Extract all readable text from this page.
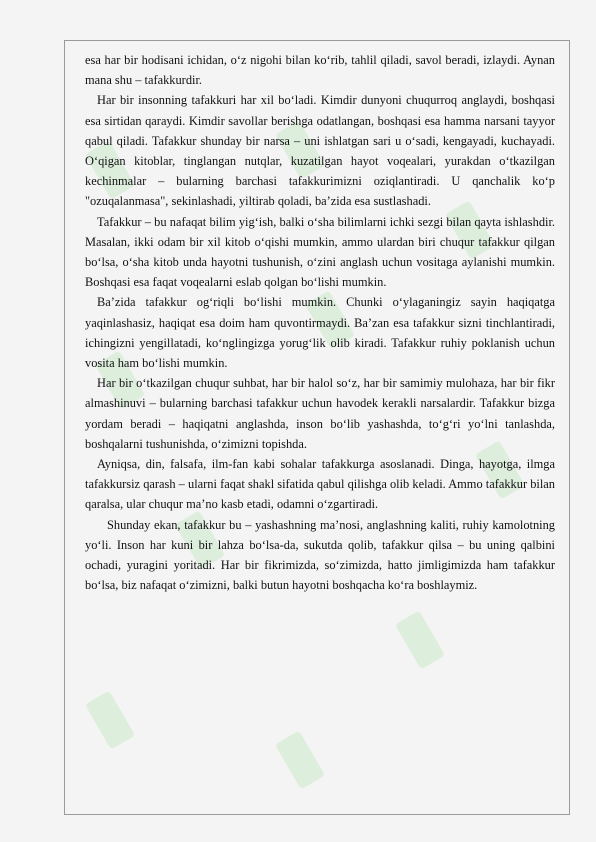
esa har bir hodisani ichidan, o‘z nigohi bilan ko‘rib, tahlil qiladi, savol beradi, izlaydi. Aynan mana shu – tafakkurdir.

Har bir insonning tafakkuri har xil bo‘ladi. Kimdir dunyoni chuqurroq anglaydi, boshqasi esa sirtidan qaraydi. Kimdir savollar berishga odatlangan, boshqasi esa hamma narsani tayyor qabul qiladi. Tafakkur shunday bir narsa – uni ishlatgan sari u o‘sadi, kengayadi, kuchayadi. O‘qigan kitoblar, tinglangan nutqlar, kuzatilgan hayot voqealari, yurakdan o‘tkazilgan kechinmalar – bularning barchasi tafakkurimizni oziqlantiradi. U qanchalik ko‘p "ozuqalanmasa", sekinlashadi, yiltirab qoladi, ba’zida esa sustlashadi.

Tafakkur – bu nafaqat bilim yig‘ish, balki o‘sha bilimlarni ichki sezgi bilan qayta ishlashdir. Masalan, ikki odam bir xil kitob o‘qishi mumkin, ammo ulardan biri chuqur tafakkur qilgan bo‘lsa, o‘sha kitob unda hayotni tushunish, o‘zini anglash uchun vositaga aylanishi mumkin. Boshqasi esa faqat voqealarni eslab qolgan bo‘lishi mumkin.

Ba’zida tafakkur og‘riqli bo‘lishi mumkin. Chunki o‘ylaganingiz sayin haqiqatga yaqinlashasiz, haqiqat esa doim ham quvontirmaydi. Ba’zan esa tafakkur sizni tinchlantiradi, ichingizni yengillatadi, ko‘nglingizga yorug‘lik olib kiradi. Tafakkur ruhiy poklanish uchun vosita ham bo‘lishi mumkin.

Har bir o‘tkazilgan chuqur suhbat, har bir halol so‘z, har bir samimiy mulohaza, har bir fikr almashinuvi – bularning barchasi tafakkur uchun havodek kerakli narsalardir. Tafakkur bizga yordam beradi – haqiqatni anglashda, inson bo‘lib yashashda, to‘g‘ri yo‘lni tanlashda, boshqalarni tushunishda, o‘zimizni topishda.

Ayniqsa, din, falsafa, ilm-fan kabi sohalar tafakkurga asoslanadi. Dinga, hayotga, ilmga tafakkursiz qarash – ularni faqat shakl sifatida qabul qilishga olib keladi. Ammo tafakkur bilan qaralsa, ular chuqur ma’no kasb etadi, odamni o‘zgartiradi.

Shunday ekan, tafakkur bu – yashashning ma’nosi, anglashning kaliti, ruhiy kamolotning yo‘li. Inson har kuni bir lahza bo‘lsa-da, sukutda qolib, tafakkur qilsa – bu uning qalbini ochadi, yuragini yoritadi. Har bir fikrimizda, so‘zimizda, hatto jimligimizda ham tafakkur bo‘lsa, biz nafaqat o‘zimizni, balki butun hayotni boshqacha ko‘ra boshlaymiz.
